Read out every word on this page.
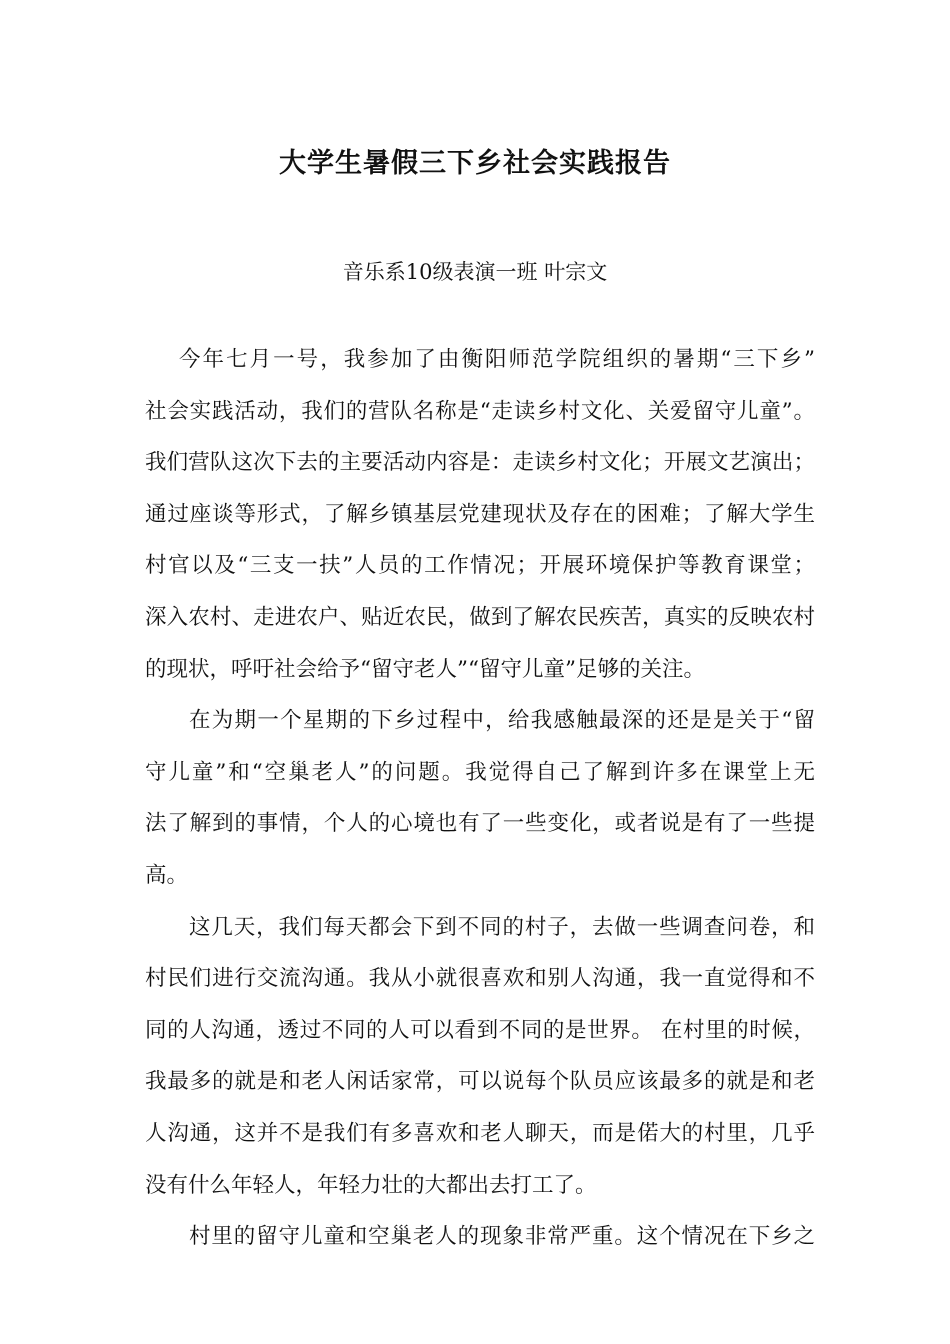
大学生暑假三下乡社会实践报告
音乐系10级表演一班 叶宗文
今年七月一号，我参加了由衡阳师范学院组织的暑期“三下乡”
社会实践活动，我们的营队名称是“走读乡村文化、关爱留守儿童”。
我们营队这次下去的主要活动内容是：走读乡村文化；开展文艺演出；
通过座谈等形式，了解乡镇基层党建现状及存在的困难；了解大学生
村官以及“三支一扶”人员的工作情况；开展环境保护等教育课堂；
深入农村、走进农户、贴近农民，做到了解农民疾苦，真实的反映农村
的现状，呼吁社会给予“留守老人”“留守儿童”足够的关注。
在为期一个星期的下乡过程中，给我感触最深的还是是关于“留
守儿童”和“空巢老人”的问题。我觉得自己了解到许多在课堂上无
法了解到的事情，个人的心境也有了一些变化，或者说是有了一些提
高。
这几天，我们每天都会下到不同的村子，去做一些调查问卷，和
村民们进行交流沟通。我从小就很喜欢和别人沟通，我一直觉得和不
同的人沟通，透过不同的人可以看到不同的是世界。 在村里的时候，
我最多的就是和老人闲话家常，可以说每个队员应该最多的就是和老
人沟通，这并不是我们有多喜欢和老人聊天，而是偌大的村里，几乎
没有什么年轻人，年轻力壮的大都出去打工了。
村里的留守儿童和空巢老人的现象非常严重。这个情况在下乡之
